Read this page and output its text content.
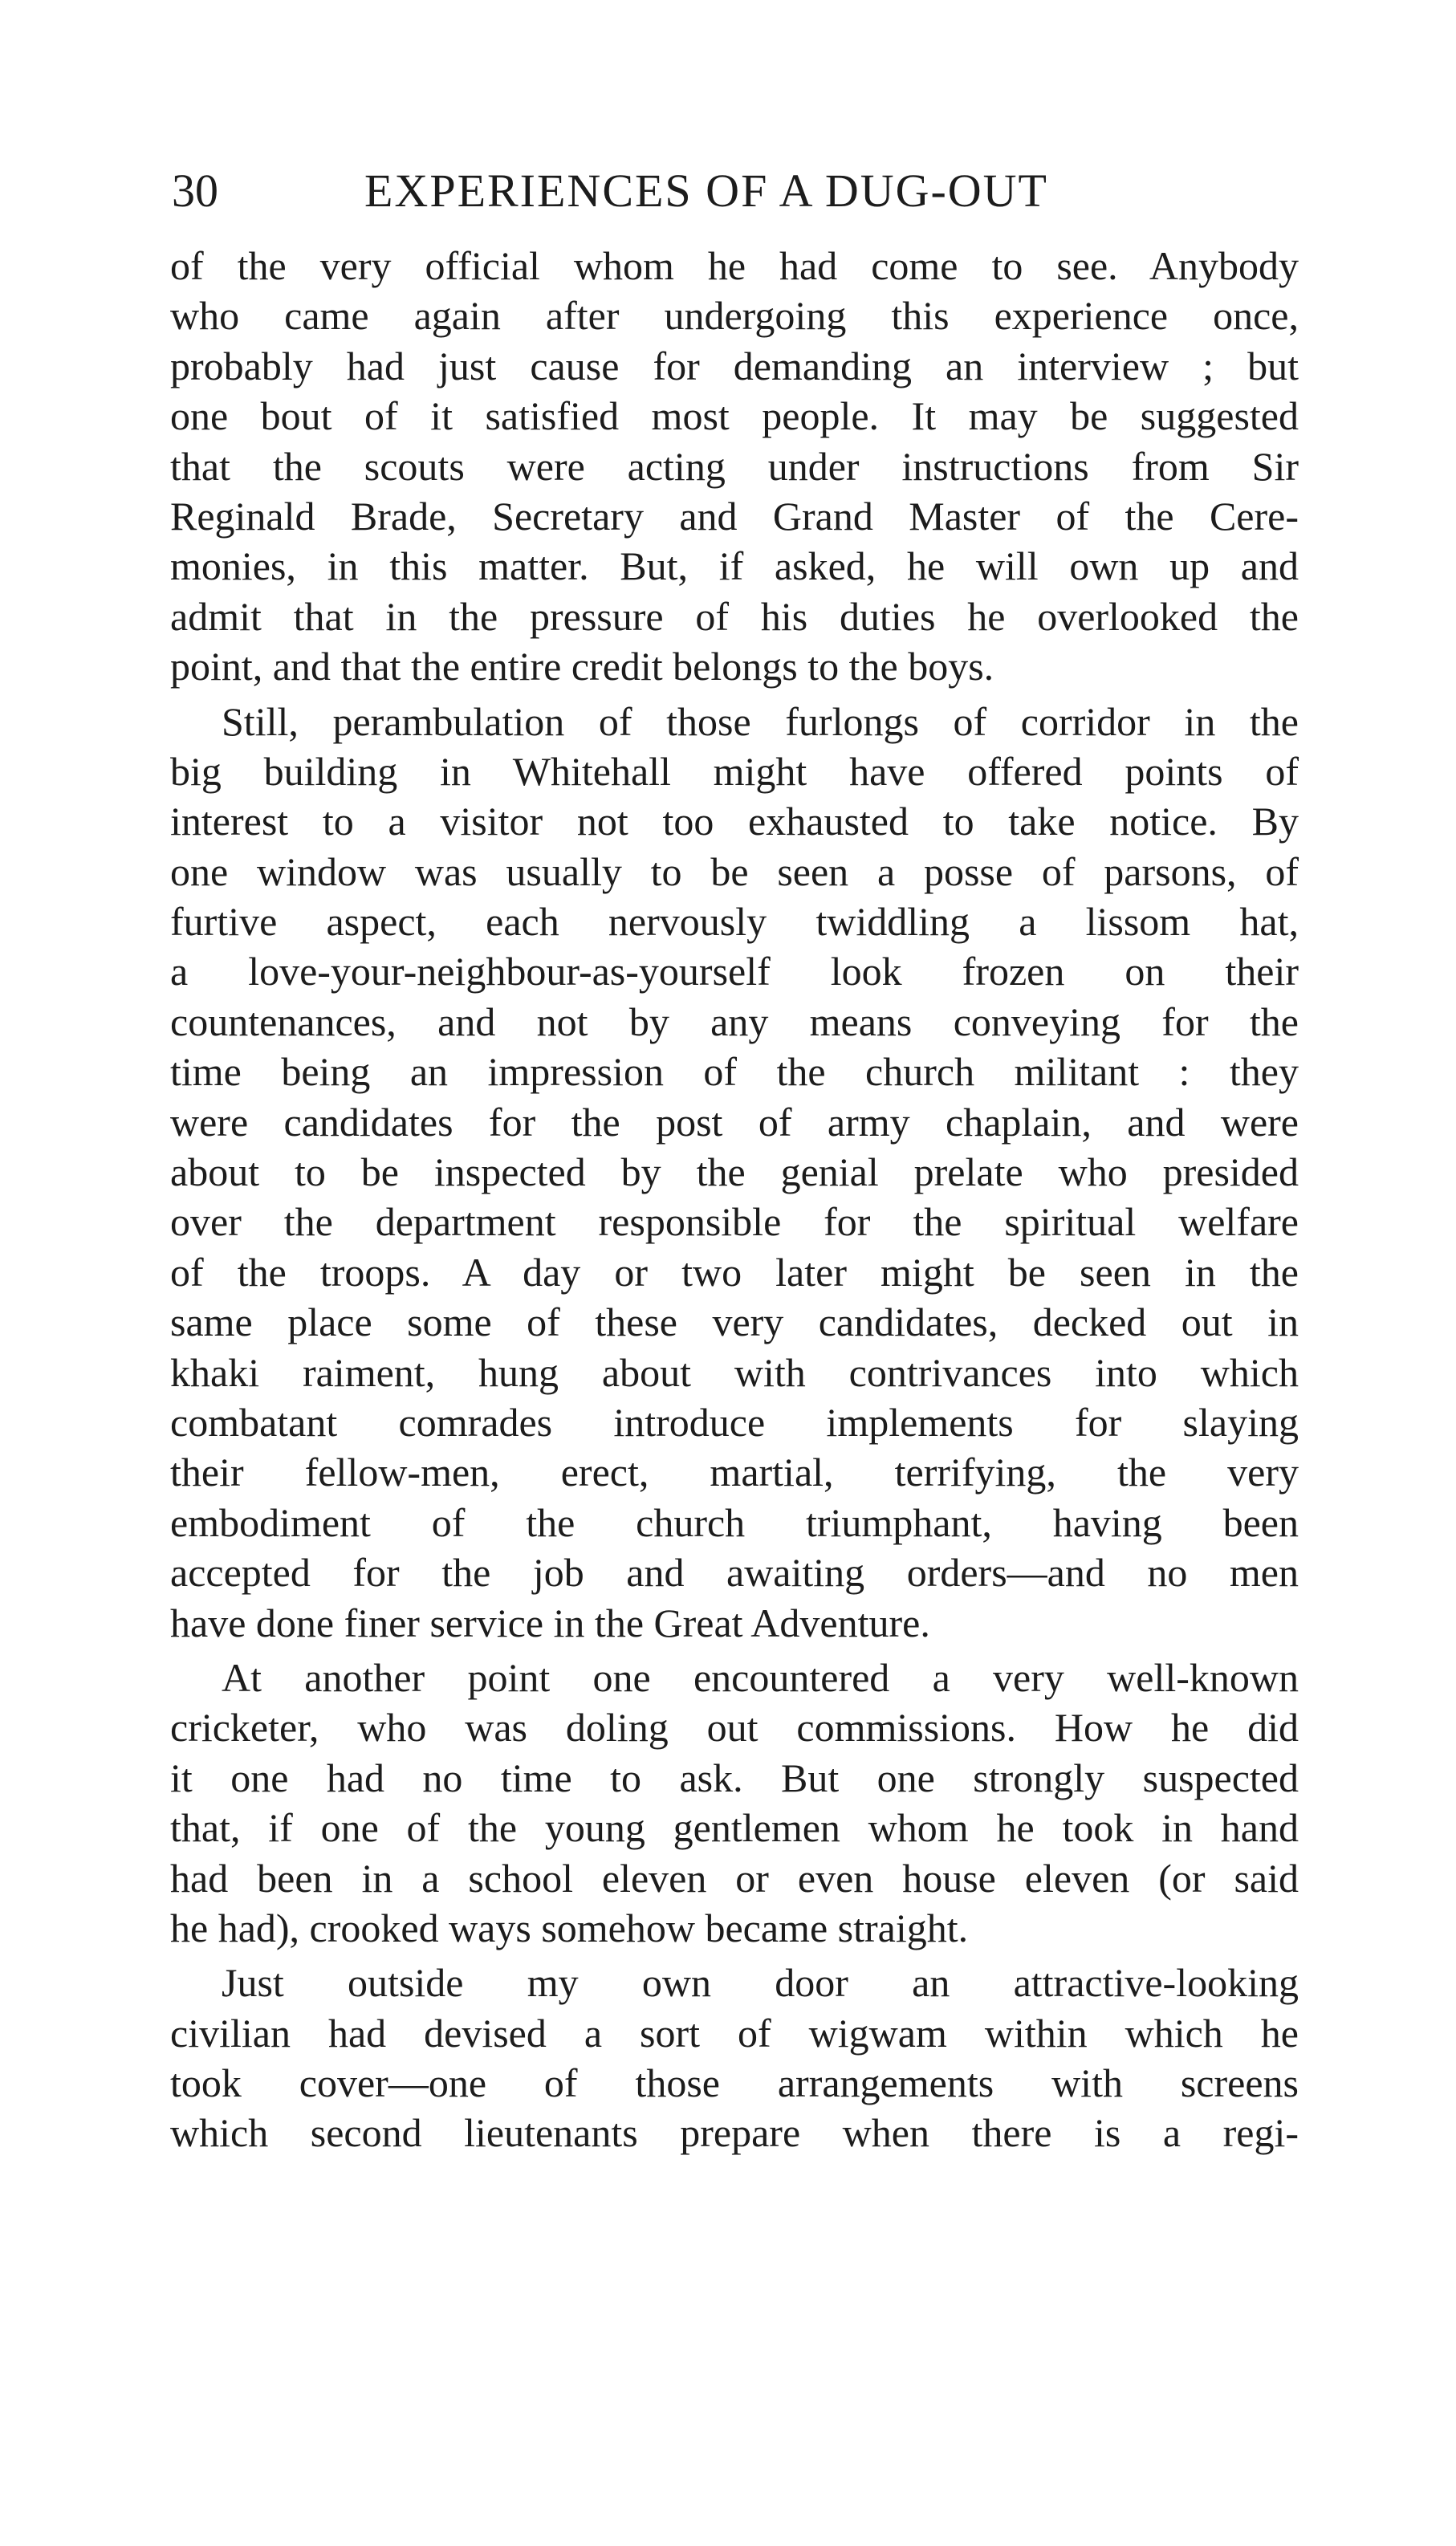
30	EXPERIENCES OF A DUG-OUT
of the very official whom he had come to see. Anybody
who came again after undergoing this experience once,
probably had just cause for demanding an interview ; but
one bout of it satisfied most people. It may be suggested
that the scouts were acting under instructions from Sir
Reginald Brade, Secretary and Grand Master of the Cere-
monies, in this matter. But, if asked, he will own up and
admit that in the pressure of his duties he overlooked the
point, and that the entire credit belongs to the boys.
Still, perambulation of those furlongs of corridor in the
big building in Whitehall might have offered points of
interest to a visitor not too exhausted to take notice. By
one window was usually to be seen a posse of parsons, of
furtive aspect, each nervously twiddling a lissom hat,
a love-your-neighbour-as-yourself look frozen on their
countenances, and not by any means conveying for the
time being an impression of the church militant : they
were candidates for the post of army chaplain, and were
about to be inspected by the genial prelate who presided
over the department responsible for the spiritual welfare
of the troops. A day or two later might be seen in the
same place some of these very candidates, decked out in
khaki raiment, hung about with contrivances into which
combatant comrades introduce implements for slaying
their fellow-men, erect, martial, terrifying, the very
embodiment of the church triumphant, having been
accepted for the job and awaiting orders—and no men
have done finer service in the Great Adventure.
At another point one encountered a very well-known
cricketer, who was doling out commissions. How he did
it one had no time to ask. But one strongly suspected
that, if one of the young gentlemen whom he took in hand
had been in a school eleven or even house eleven (or said
he had), crooked ways somehow became straight.
Just outside my own door an attractive-looking
civilian had devised a sort of wigwam within which he
took cover—one of those arrangements with screens
which second lieutenants prepare when there is a regi-
